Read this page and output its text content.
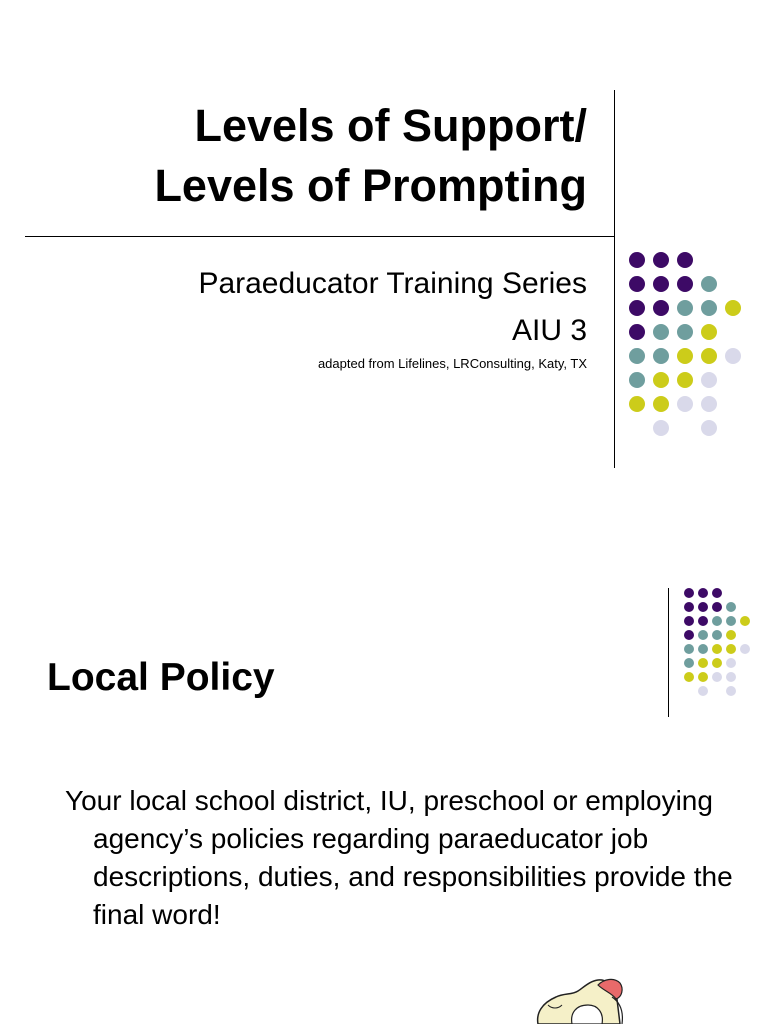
Levels of Support/
Levels of Prompting
Paraeducator Training Series
AIU 3
adapted from Lifelines, LRConsulting, Katy, TX
Local Policy
Your local school district, IU, preschool or employing agency’s policies regarding paraeducator job descriptions, duties, and responsibilities provide the final word!
